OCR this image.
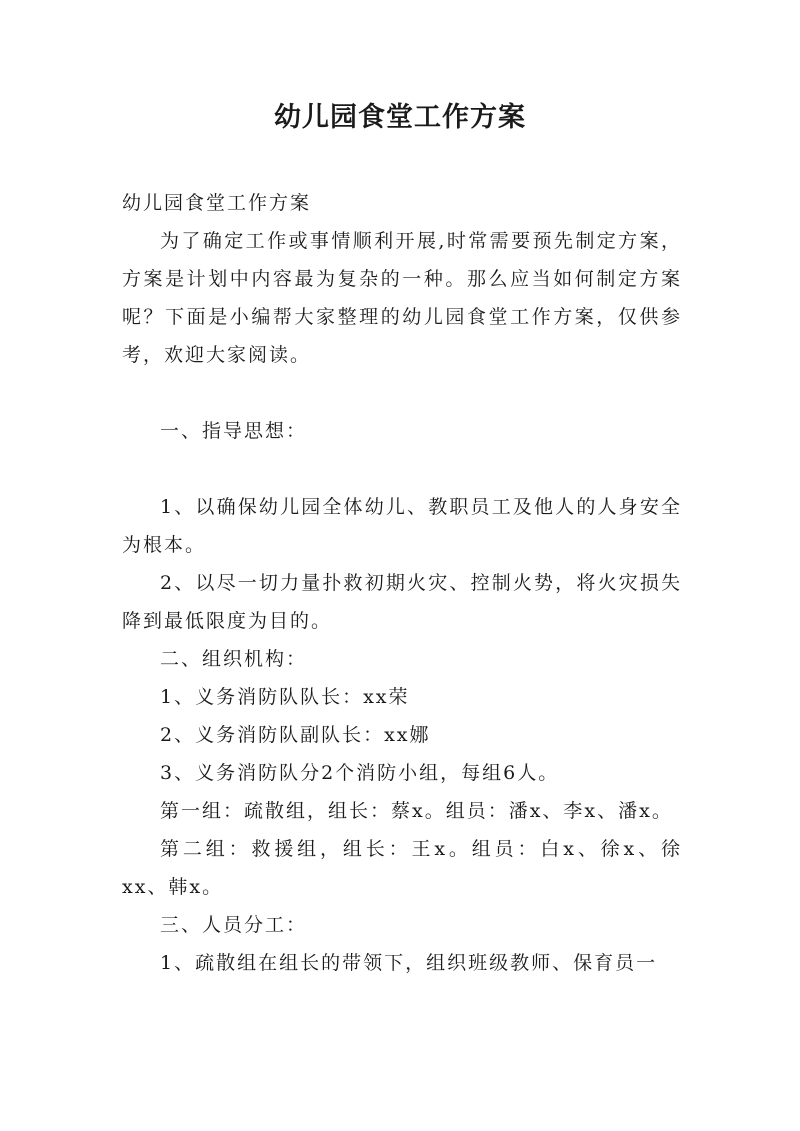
幼儿园食堂工作方案

幼儿园食堂工作方案

为了确定工作或事情顺利开展,时常需要预先制定方案，方案是计划中内容最为复杂的一种。那么应当如何制定方案呢？下面是小编帮大家整理的幼儿园食堂工作方案，仅供参考，欢迎大家阅读。

一、指导思想：

1、以确保幼儿园全体幼儿、教职员工及他人的人身安全为根本。

2、以尽一切力量扑救初期火灾、控制火势，将火灾损失降到最低限度为目的。

二、组织机构：

1、义务消防队队长：xx荣

2、义务消防队副队长：xx娜

3、义务消防队分2个消防小组，每组6人。

第一组：疏散组，组长：蔡x。组员：潘x、李x、潘x。

第二组：救援组，组长：王x。组员：白x、徐x、徐xx、韩x。

三、人员分工：

1、疏散组在组长的带领下，组织班级教师、保育员一
